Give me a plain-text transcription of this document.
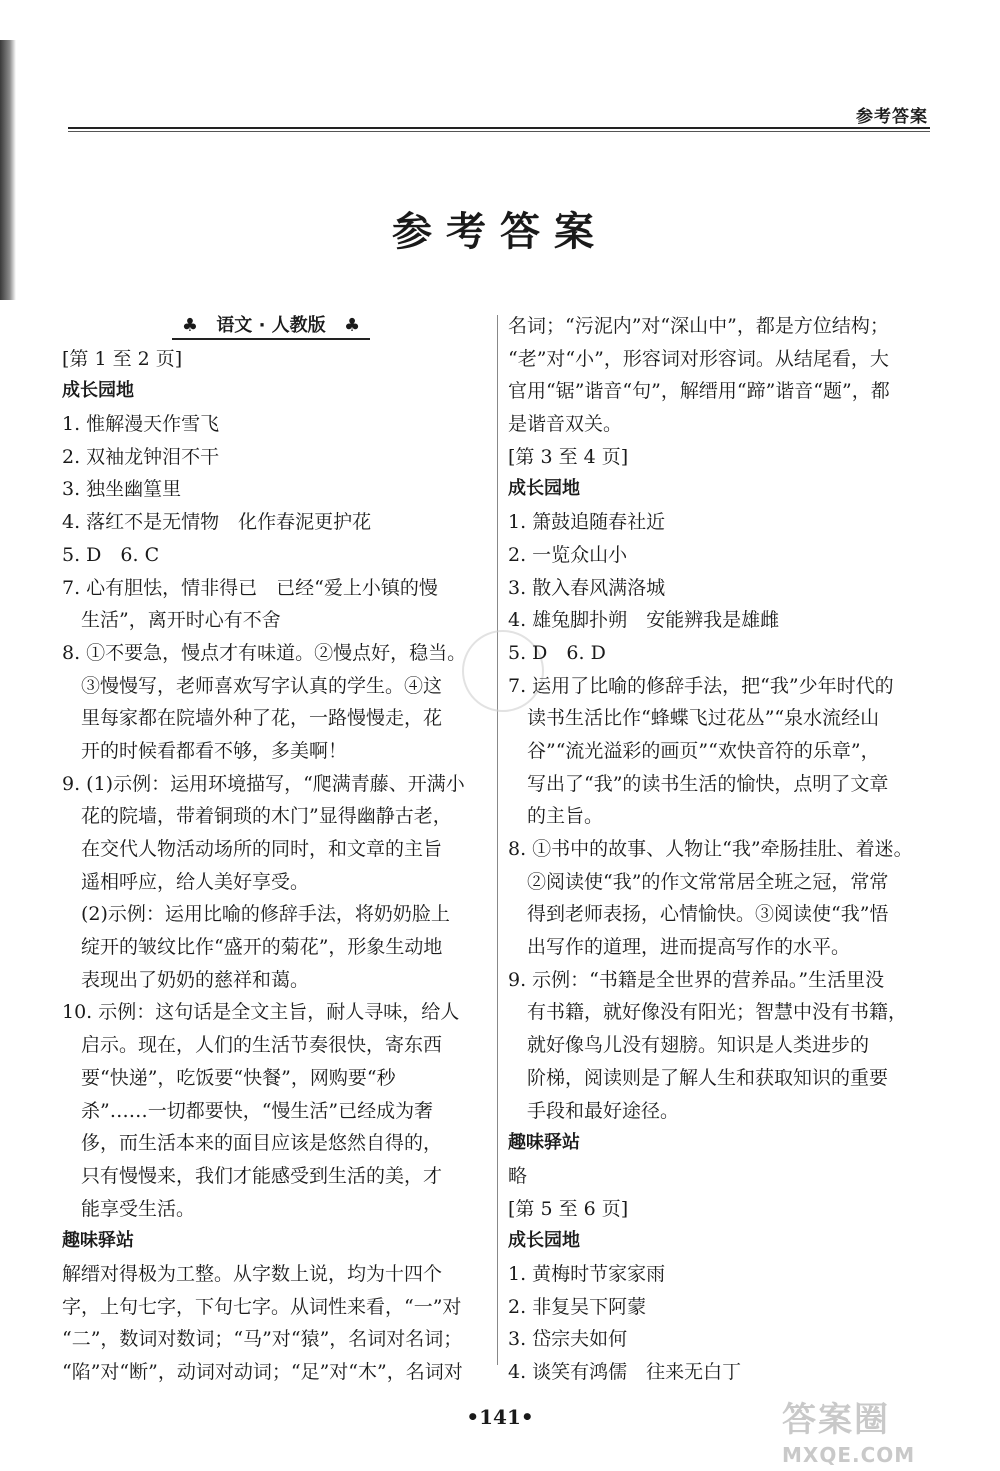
参考答案
参考答案
♣ 语文 · 人教版 ♣
[第 1 至 2 页]
成长园地
1. 惟解漫天作雪飞
2. 双袖龙钟泪不干
3. 独坐幽篁里
4. 落红不是无情物　化作春泥更护花
5. D　6. C
7. 心有胆怯，情非得已　已经“爱上小镇的慢
生活”，离开时心有不舍
8. ①不要急，慢点才有味道。②慢点好，稳当。
③慢慢写，老师喜欢写字认真的学生。④这
里每家都在院墙外种了花，一路慢慢走，花
开的时候看都看不够，多美啊！
9. (1)示例：运用环境描写，“爬满青藤、开满小
花的院墙，带着铜琐的木门”显得幽静古老，
在交代人物活动场所的同时，和文章的主旨
遥相呼应，给人美好享受。
(2)示例：运用比喻的修辞手法，将奶奶脸上
绽开的皱纹比作“盛开的菊花”，形象生动地
表现出了奶奶的慈祥和蔼。
10. 示例：这句话是全文主旨，耐人寻味，给人
启示。现在，人们的生活节奏很快，寄东西
要“快递”，吃饭要“快餐”，网购要“秒
杀”……一切都要快，“慢生活”已经成为奢
侈，而生活本来的面目应该是悠然自得的，
只有慢慢来，我们才能感受到生活的美，才
能享受生活。
趣味驿站
解缙对得极为工整。从字数上说，均为十四个
字，上句七字，下句七字。从词性来看，“一”对
“二”，数词对数词；“马”对“猿”，名词对名词；
“陷”对“断”，动词对动词；“足”对“木”，名词对
名词；“污泥内”对“深山中”，都是方位结构；
“老”对“小”，形容词对形容词。从结尾看，大
官用“锯”谐音“句”，解缙用“蹄”谐音“题”，都
是谐音双关。
[第 3 至 4 页]
成长园地
1. 箫鼓追随春社近
2. 一览众山小
3. 散入春风满洛城
4. 雄兔脚扑朔　安能辨我是雄雌
5. D　6. D
7. 运用了比喻的修辞手法，把“我”少年时代的
读书生活比作“蜂蝶飞过花丛”“泉水流经山
谷”“流光溢彩的画页”“欢快音符的乐章”，
写出了“我”的读书生活的愉快，点明了文章
的主旨。
8. ①书中的故事、人物让“我”牵肠挂肚、着迷。
②阅读使“我”的作文常常居全班之冠，常常
得到老师表扬，心情愉快。③阅读使“我”悟
出写作的道理，进而提高写作的水平。
9. 示例：“书籍是全世界的营养品。”生活里没
有书籍，就好像没有阳光；智慧中没有书籍，
就好像鸟儿没有翅膀。知识是人类进步的
阶梯，阅读则是了解人生和获取知识的重要
手段和最好途径。
趣味驿站
略
[第 5 至 6 页]
成长园地
1. 黄梅时节家家雨
2. 非复吴下阿蒙
3. 岱宗夫如何
4. 谈笑有鸿儒　往来无白丁
•141•	答案圈
MXQE.COM
